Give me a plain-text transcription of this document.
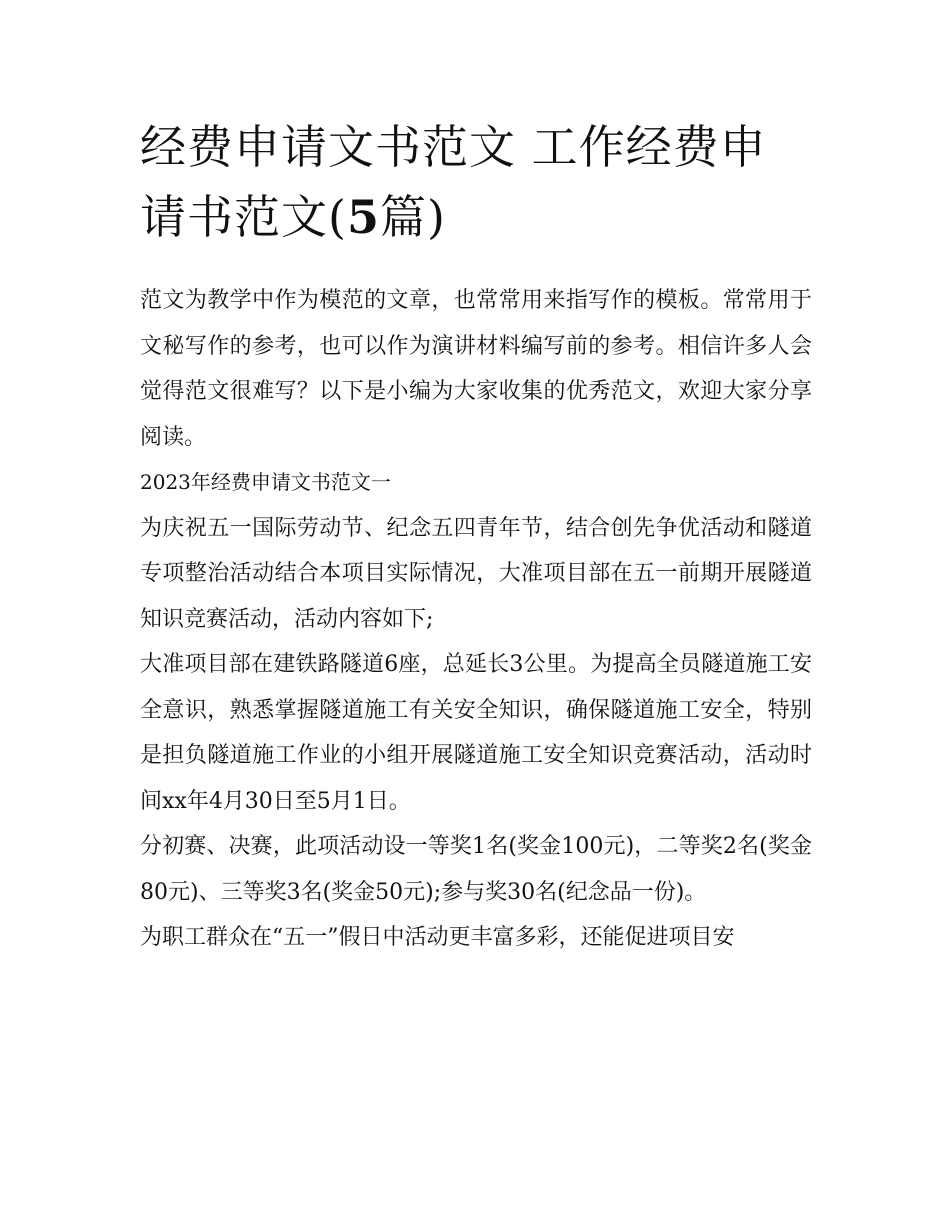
经费申请文书范文 工作经费申请书范文(5篇)

范文为教学中作为模范的文章，也常常用来指写作的模板。常常用于文秘写作的参考，也可以作为演讲材料编写前的参考。相信许多人会觉得范文很难写？以下是小编为大家收集的优秀范文，欢迎大家分享阅读。

2023年经费申请文书范文一

为庆祝五一国际劳动节、纪念五四青年节，结合创先争优活动和隧道专项整治活动结合本项目实际情况，大准项目部在五一前期开展隧道知识竞赛活动，活动内容如下;

大准项目部在建铁路隧道6座，总延长3公里。为提高全员隧道施工安全意识，熟悉掌握隧道施工有关安全知识，确保隧道施工安全，特别是担负隧道施工作业的小组开展隧道施工安全知识竞赛活动，活动时间xx年4月30日至5月1日。

分初赛、决赛，此项活动设一等奖1名(奖金100元)，二等奖2名(奖金80元)、三等奖3名(奖金50元);参与奖30名(纪念品一份)。

为职工群众在“五一”假日中活动更丰富多彩，还能促进项目安
